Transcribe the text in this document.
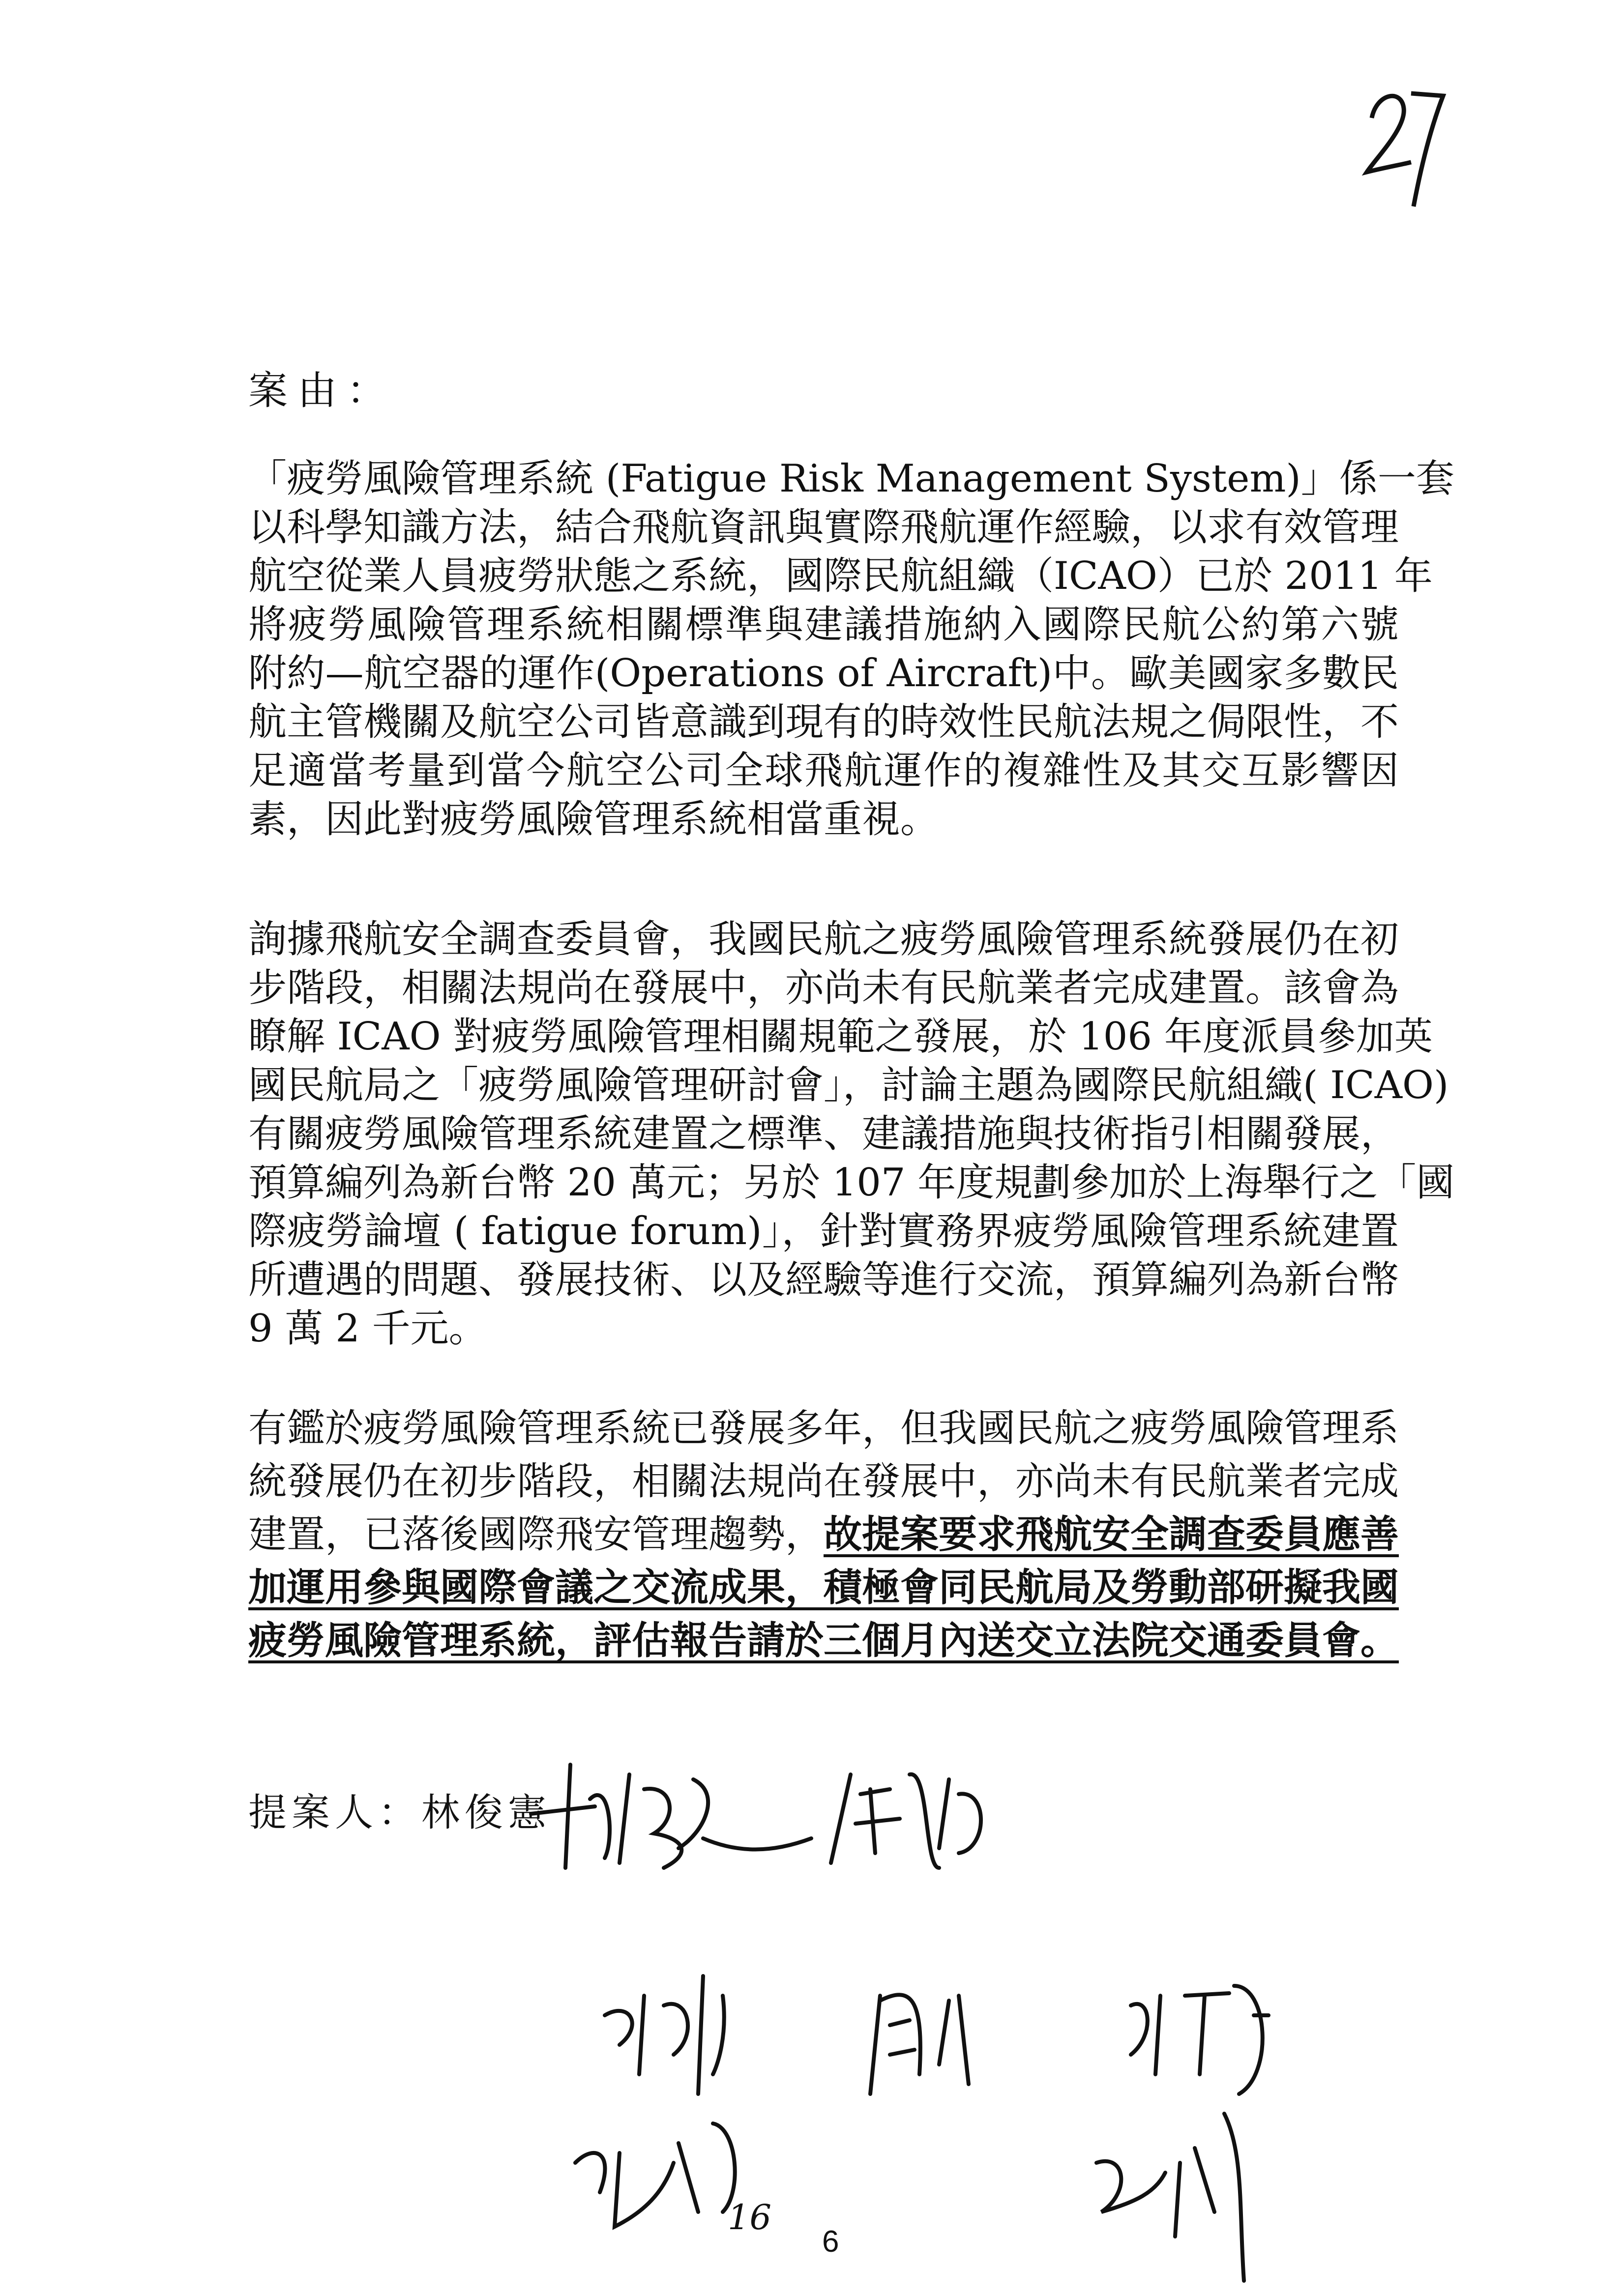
案由：
「疲勞風險管理系統 (Fatigue Risk Management System)」係一套
以科學知識方法，結合飛航資訊與實際飛航運作經驗，以求有效管理
航空從業人員疲勞狀態之系統，國際民航組織（ICAO）已於 2011 年
將疲勞風險管理系統相關標準與建議措施納入國際民航公約第六號
附約—航空器的運作(Operations of Aircraft)中。歐美國家多數民
航主管機關及航空公司皆意識到現有的時效性民航法規之侷限性，不
足適當考量到當今航空公司全球飛航運作的複雜性及其交互影響因
素，因此對疲勞風險管理系統相當重視。
詢據飛航安全調查委員會，我國民航之疲勞風險管理系統發展仍在初
步階段，相關法規尚在發展中，亦尚未有民航業者完成建置。該會為
瞭解 ICAO 對疲勞風險管理相關規範之發展，於 106 年度派員參加英
國民航局之「疲勞風險管理研討會」，討論主題為國際民航組織( ICAO)
有關疲勞風險管理系統建置之標準、建議措施與技術指引相關發展，
預算編列為新台幣 20 萬元；另於 107 年度規劃參加於上海舉行之「國
際疲勞論壇 ( fatigue forum)」，針對實務界疲勞風險管理系統建置
所遭遇的問題、發展技術、以及經驗等進行交流，預算編列為新台幣
9 萬 2 千元。
有鑑於疲勞風險管理系統已發展多年，但我國民航之疲勞風險管理系
統發展仍在初步階段，相關法規尚在發展中，亦尚未有民航業者完成
建置，已落後國際飛安管理趨勢，故提案要求飛航安全調查委員應善
加運用參與國際會議之交流成果，積極會同民航局及勞動部研擬我國
疲勞風險管理系統，評估報告請於三個月內送交立法院交通委員會。
提案人：林俊憲
16
6
